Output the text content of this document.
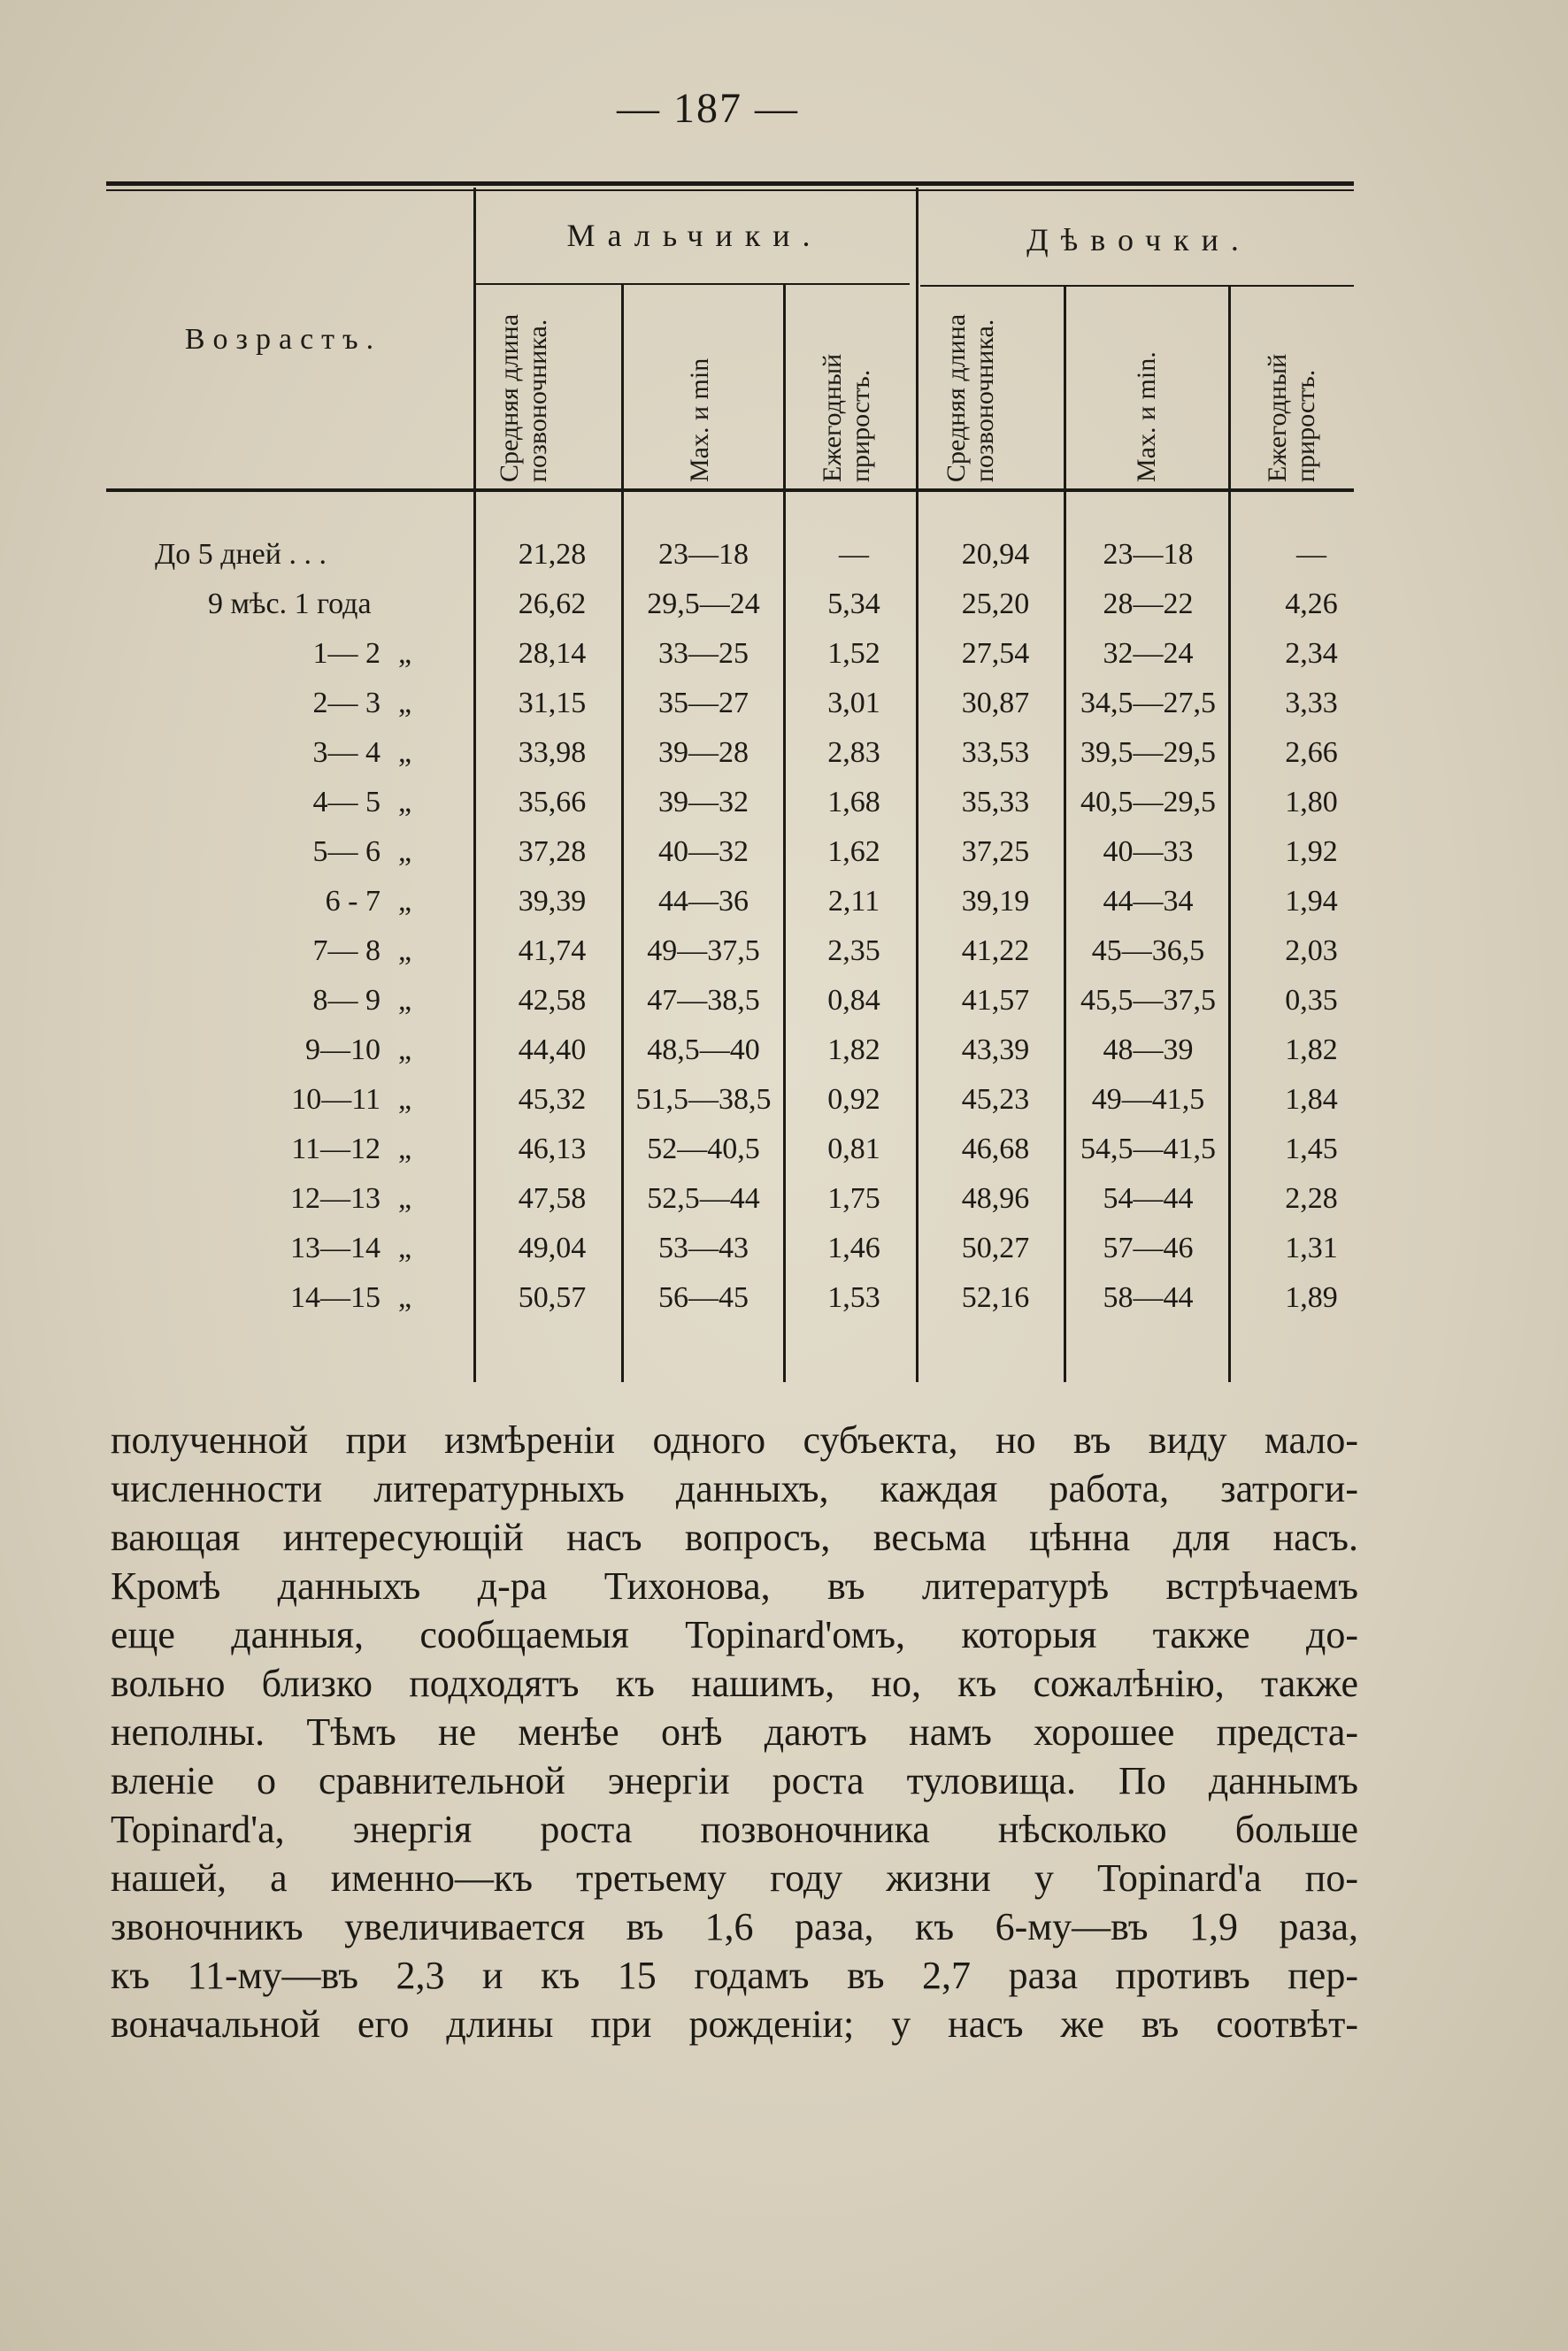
— 187 —
Мальчики.	Дѣвочки.
Возрастъ.	Средняя длина позвоночника.	Max. и min	Ежегодный приростъ.	Средняя длина позвоночника.	Max. и min.	Ежегодный приростъ.
До 5 дней . . .	21,28	23—18	—	20,94	23—18	—
9 мѣс. 1 года	26,62	29,5—24	5,34	25,20	28—22	4,26
1— 2 „	28,14	33—25	1,52	27,54	32—24	2,34
2— 3 „	31,15	35—27	3,01	30,87	34,5—27,5	3,33
3— 4 „	33,98	39—28	2,83	33,53	39,5—29,5	2,66
4— 5 „	35,66	39—32	1,68	35,33	40,5—29,5	1,80
5— 6 „	37,28	40—32	1,62	37,25	40—33	1,92
6 - 7 „	39,39	44—36	2,11	39,19	44—34	1,94
7— 8 „	41,74	49—37,5	2,35	41,22	45—36,5	2,03
8— 9 „	42,58	47—38,5	0,84	41,57	45,5—37,5	0,35
9—10 „	44,40	48,5—40	1,82	43,39	48—39	1,82
10—11 „	45,32	51,5—38,5	0,92	45,23	49—41,5	1,84
11—12 „	46,13	52—40,5	0,81	46,68	54,5—41,5	1,45
12—13 „	47,58	52,5—44	1,75	48,96	54—44	2,28
13—14 „	49,04	53—43	1,46	50,27	57—46	1,31
14—15 „	50,57	56—45	1,53	52,16	58—44	1,89

полученной при измѣреніи одного субъекта, но въ виду мало-

численности литературныхъ данныхъ, каждая работа, затроги-

вающая интересующій насъ вопросъ, весьма цѣнна для насъ.

Кромѣ данныхъ д-ра Тихонова, въ литературѣ встрѣчаемъ

еще данныя, сообщаемыя Topinard'омъ, которыя также до-

вольно близко подходятъ къ нашимъ, но, къ сожалѣнію, также

неполны. Тѣмъ не менѣе онѣ даютъ намъ хорошее предста-

вленіе о сравнительной энергіи роста туловища. По даннымъ

Topinard'a, энергія роста позвоночника нѣсколько больше

нашей, а именно—къ третьему году жизни у Topinard'a по-

звоночникъ увеличивается въ 1,6 раза, къ 6-му—въ 1,9 раза,

къ 11-му—въ 2,3 и къ 15 годамъ въ 2,7 раза противъ пер-

воначальной его длины при рожденіи; у насъ же въ соотвѣт-
